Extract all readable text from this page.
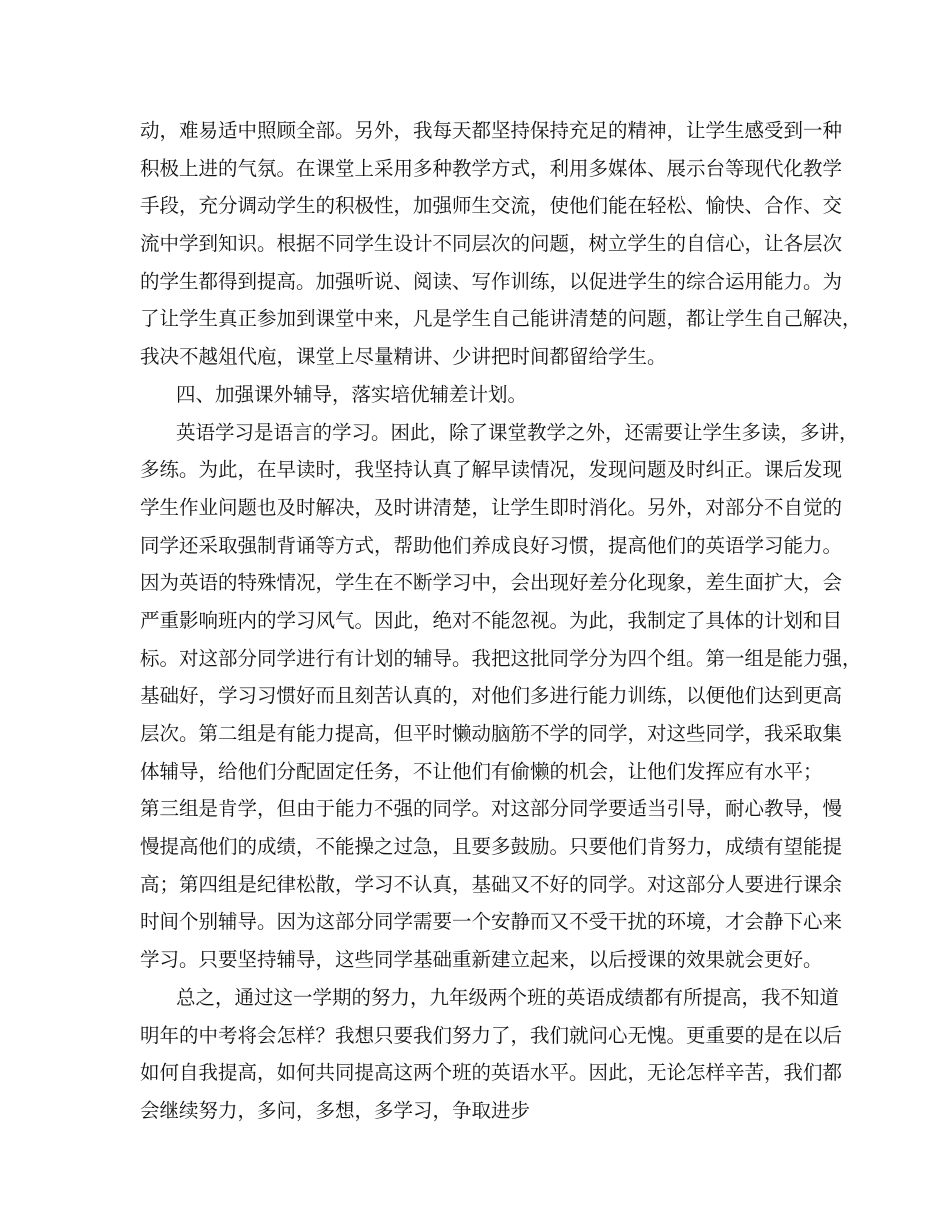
动，难易适中照顾全部。另外，我每天都坚持保持充足的精神，让学生感受到一种
积极上进的气氛。在课堂上采用多种教学方式，利用多媒体、展示台等现代化教学
手段，充分调动学生的积极性，加强师生交流，使他们能在轻松、愉快、合作、交
流中学到知识。根据不同学生设计不同层次的问题，树立学生的自信心，让各层次
的学生都得到提高。加强听说、阅读、写作训练，以促进学生的综合运用能力。为
了让学生真正参加到课堂中来，凡是学生自己能讲清楚的问题，都让学生自己解决，
我决不越俎代庖，课堂上尽量精讲、少讲把时间都留给学生。
四、加强课外辅导，落实培优辅差计划。
英语学习是语言的学习。困此，除了课堂教学之外，还需要让学生多读，多讲，
多练。为此，在早读时，我坚持认真了解早读情况，发现问题及时纠正。课后发现
学生作业问题也及时解决，及时讲清楚，让学生即时消化。另外，对部分不自觉的
同学还采取强制背诵等方式，帮助他们养成良好习惯，提高他们的英语学习能力。
因为英语的特殊情况，学生在不断学习中，会出现好差分化现象，差生面扩大，会
严重影响班内的学习风气。因此，绝对不能忽视。为此，我制定了具体的计划和目
标。对这部分同学进行有计划的辅导。我把这批同学分为四个组。第一组是能力强，
基础好，学习习惯好而且刻苦认真的，对他们多进行能力训练，以便他们达到更高
层次。第二组是有能力提高，但平时懒动脑筋不学的同学，对这些同学，我采取集
体辅导，给他们分配固定任务，不让他们有偷懒的机会，让他们发挥应有水平；
第三组是肯学，但由于能力不强的同学。对这部分同学要适当引导，耐心教导，慢
慢提高他们的成绩，不能操之过急，且要多鼓励。只要他们肯努力，成绩有望能提
高；第四组是纪律松散，学习不认真，基础又不好的同学。对这部分人要进行课余
时间个别辅导。因为这部分同学需要一个安静而又不受干扰的环境，才会静下心来
学习。只要坚持辅导，这些同学基础重新建立起来，以后授课的效果就会更好。
总之，通过这一学期的努力，九年级两个班的英语成绩都有所提高，我不知道
明年的中考将会怎样？我想只要我们努力了，我们就问心无愧。更重要的是在以后
如何自我提高，如何共同提高这两个班的英语水平。因此，无论怎样辛苦，我们都
会继续努力，多问，多想，多学习，争取进步
